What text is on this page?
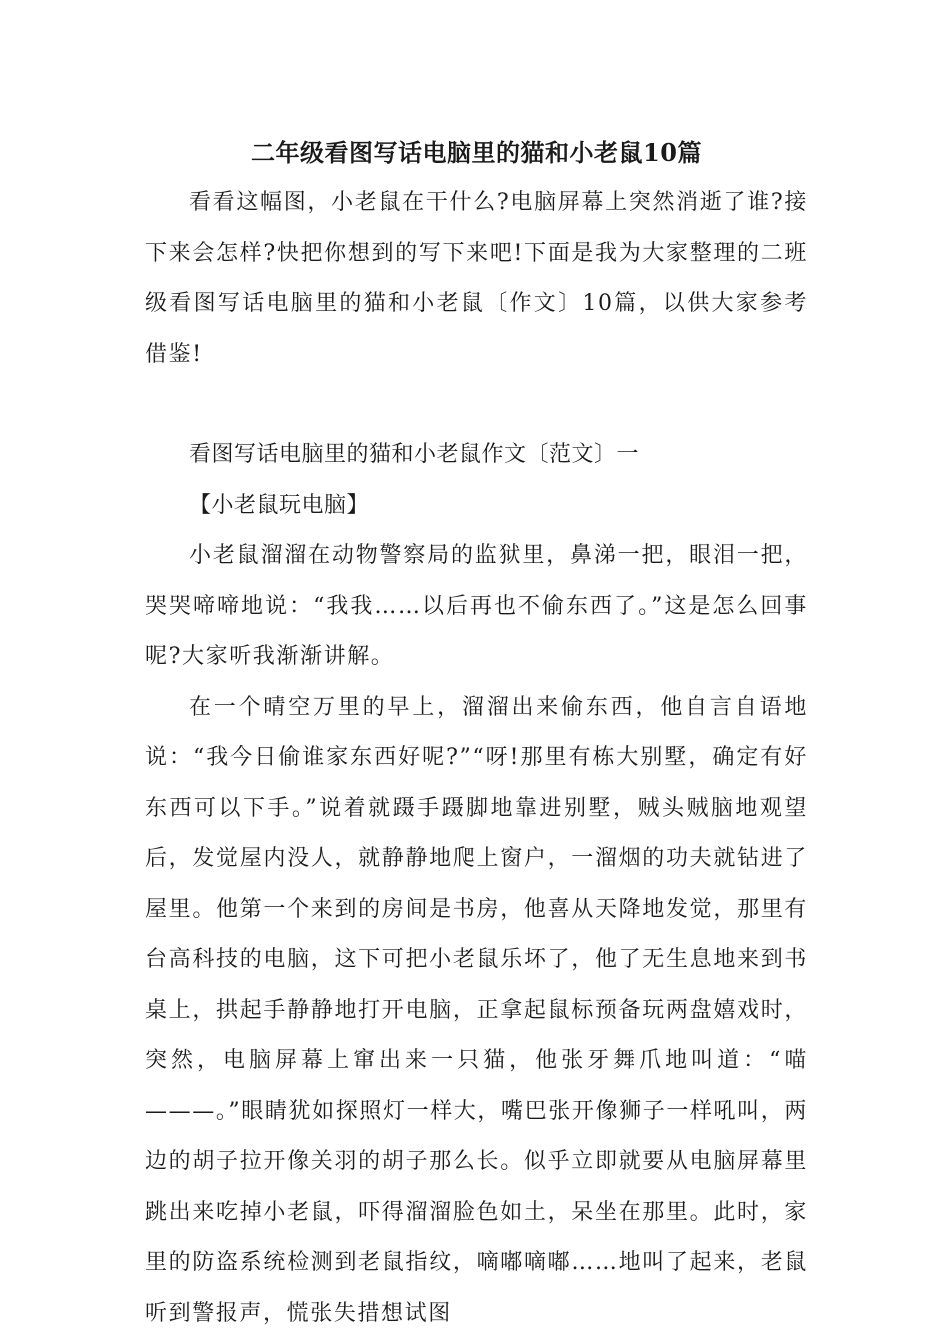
二年级看图写话电脑里的猫和小老鼠10篇

看看这幅图，小老鼠在干什么?电脑屏幕上突然消逝了谁?接下来会怎样?快把你想到的写下来吧!下面是我为大家整理的二班级看图写话电脑里的猫和小老鼠〔作文〕10篇，以供大家参考借鉴!

看图写话电脑里的猫和小老鼠作文〔范文〕一

【小老鼠玩电脑】

小老鼠溜溜在动物警察局的监狱里，鼻涕一把，眼泪一把，哭哭啼啼地说：“我我……以后再也不偷东西了。”这是怎么回事呢?大家听我渐渐讲解。

在一个晴空万里的早上，溜溜出来偷东西，他自言自语地说：“我今日偷谁家东西好呢?”“呀!那里有栋大别墅，确定有好东西可以下手。”说着就蹑手蹑脚地靠进别墅，贼头贼脑地观望后，发觉屋内没人，就静静地爬上窗户，一溜烟的功夫就钻进了屋里。他第一个来到的房间是书房，他喜从天降地发觉，那里有台高科技的电脑，这下可把小老鼠乐坏了，他了无生息地来到书桌上，拱起手静静地打开电脑，正拿起鼠标预备玩两盘嬉戏时，突然，电脑屏幕上窜出来一只猫，他张牙舞爪地叫道：“喵———。”眼睛犹如探照灯一样大，嘴巴张开像狮子一样吼叫，两边的胡子拉开像关羽的胡子那么长。似乎立即就要从电脑屏幕里跳出来吃掉小老鼠，吓得溜溜脸色如土，呆坐在那里。此时，家里的防盗系统检测到老鼠指纹，嘀嘟嘀嘟……地叫了起来，老鼠听到警报声，慌张失措想试图
